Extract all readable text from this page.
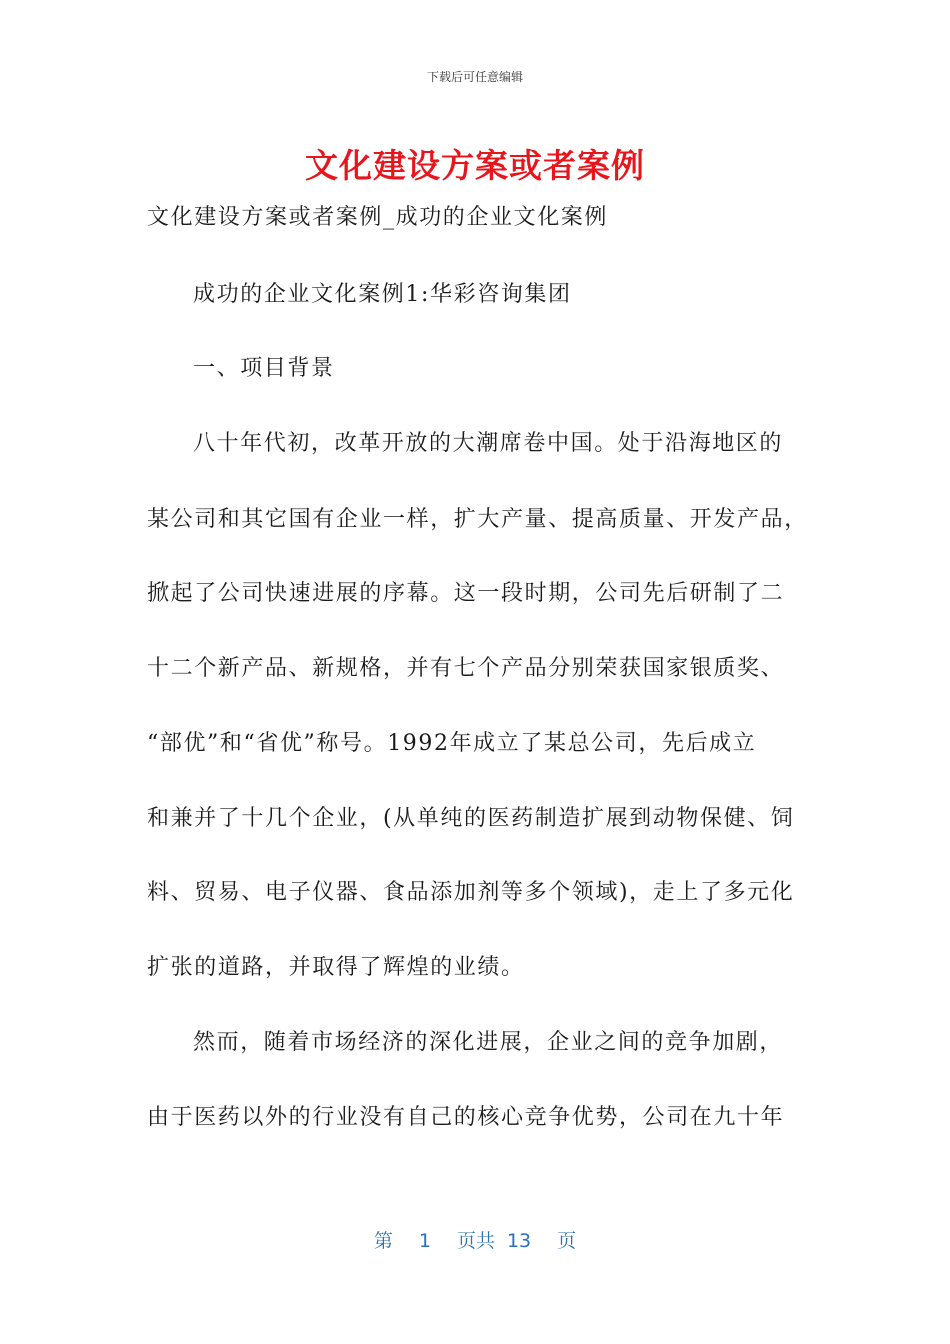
下载后可任意编辑
文化建设方案或者案例
文化建设方案或者案例_成功的企业文化案例
成功的企业文化案例1:华彩咨询集团
一、项目背景
八十年代初，改革开放的大潮席卷中国。处于沿海地区的
某公司和其它国有企业一样，扩大产量、提高质量、开发产品，
掀起了公司快速进展的序幕。这一段时期，公司先后研制了二
十二个新产品、新规格，并有七个产品分别荣获国家银质奖、
“部优”和“省优”称号。1992年成立了某总公司，先后成立
和兼并了十几个企业，(从单纯的医药制造扩展到动物保健、饲
料、贸易、电子仪器、食品添加剂等多个领域)，走上了多元化
扩张的道路，并取得了辉煌的业绩。
然而，随着市场经济的深化进展，企业之间的竞争加剧，
由于医药以外的行业没有自己的核心竞争优势，公司在九十年
第 1 页共 13 页
